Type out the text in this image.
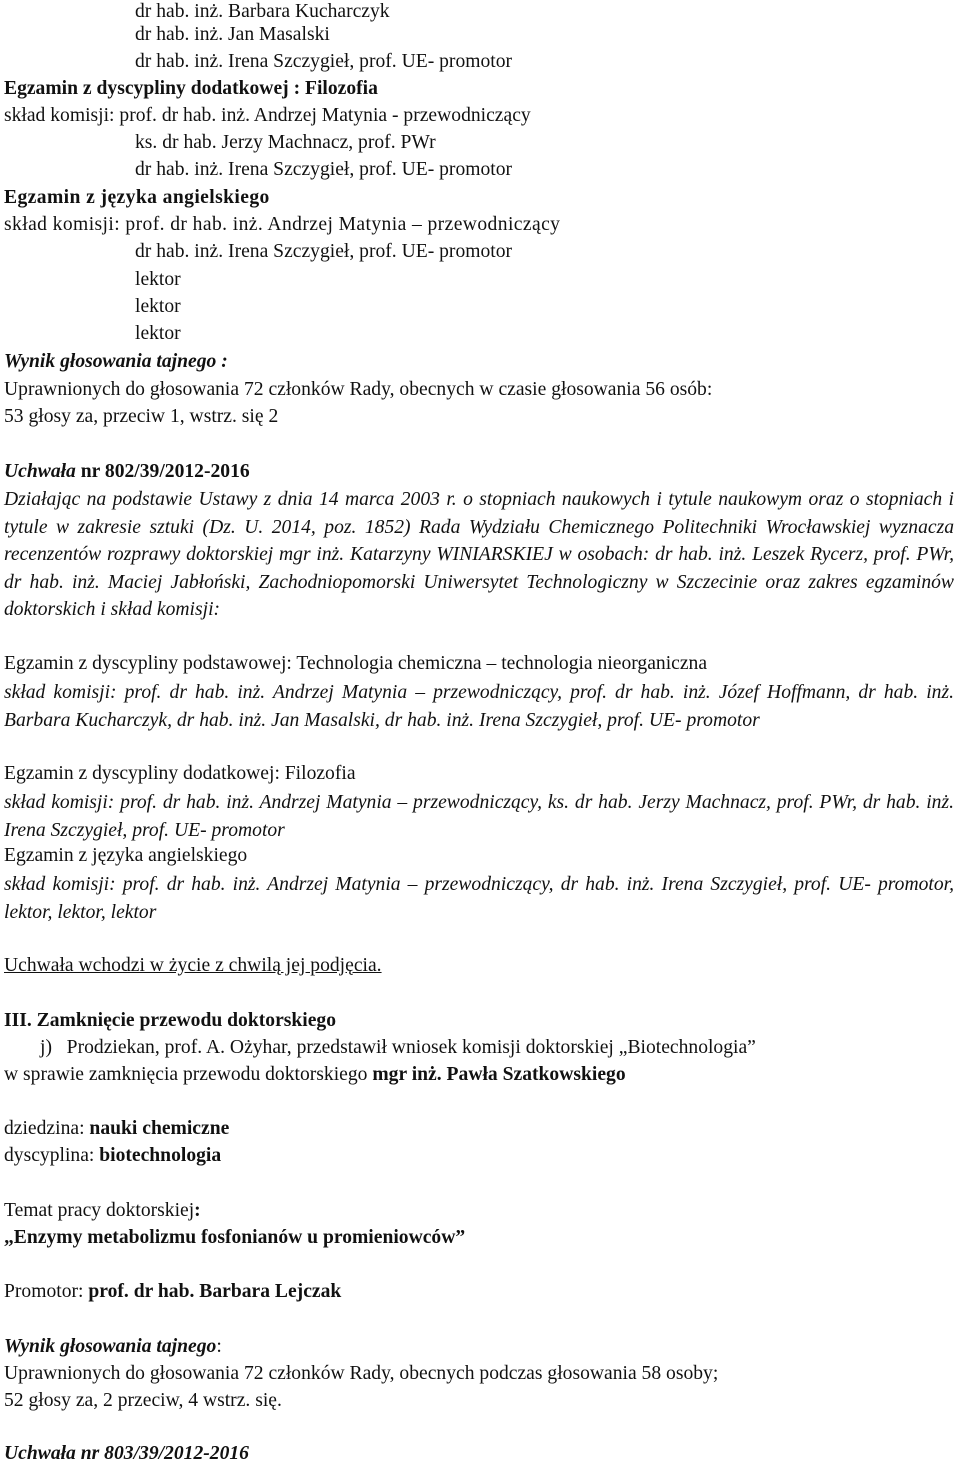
dr hab. inż. Barbara Kucharczyk
dr hab. inż. Jan Masalski
dr hab. inż. Irena Szczygieł, prof. UE- promotor
Egzamin z dyscypliny dodatkowej : Filozofia
skład komisji: prof. dr hab. inż. Andrzej Matynia - przewodniczący
ks. dr hab. Jerzy Machnacz, prof. PWr
dr hab. inż. Irena Szczygieł, prof. UE- promotor
Egzamin z języka angielskiego
skład komisji: prof. dr hab. inż. Andrzej Matynia – przewodniczący
dr hab. inż. Irena Szczygieł, prof. UE- promotor
lektor
lektor
lektor
Wynik głosowania tajnego :
Uprawnionych do głosowania 72 członków Rady, obecnych w czasie głosowania 56 osób:
53 głosy za, przeciw 1, wstrz. się 2
Uchwała nr 802/39/2012-2016
Działając na podstawie Ustawy z dnia 14 marca 2003 r. o stopniach naukowych i tytule naukowym oraz o stopniach i tytule w zakresie sztuki (Dz. U. 2014, poz. 1852) Rada Wydziału Chemicznego Politechniki Wrocławskiej wyznacza recenzentów rozprawy doktorskiej mgr inż. Katarzyny WINIARSKIEJ w osobach: dr hab. inż. Leszek Rycerz, prof. PWr, dr hab. inż. Maciej Jabłoński, Zachodniopomorski Uniwersytet Technologiczny w Szczecinie oraz zakres egzaminów doktorskich i skład komisji:
Egzamin z dyscypliny podstawowej: Technologia chemiczna – technologia nieorganiczna
skład komisji: prof. dr hab. inż. Andrzej Matynia – przewodniczący, prof. dr hab. inż. Józef Hoffmann, dr hab. inż. Barbara Kucharczyk, dr hab. inż. Jan Masalski, dr hab. inż. Irena Szczygieł, prof. UE- promotor
Egzamin z dyscypliny dodatkowej: Filozofia
skład komisji: prof. dr hab. inż. Andrzej Matynia – przewodniczący, ks. dr hab. Jerzy Machnacz, prof. PWr, dr hab. inż. Irena Szczygieł, prof. UE- promotor
Egzamin z języka angielskiego
skład komisji: prof. dr hab. inż. Andrzej Matynia – przewodniczący, dr hab. inż. Irena Szczygieł, prof. UE- promotor, lektor, lektor, lektor
Uchwała wchodzi w życie z chwilą jej podjęcia.
III. Zamknięcie przewodu doktorskiego
j) Prodziekan, prof. A. Ożyhar, przedstawił wniosek komisji doktorskiej „Biotechnologia”
w sprawie zamknięcia przewodu doktorskiego mgr inż. Pawła Szatkowskiego
dziedzina: nauki chemiczne
dyscyplina: biotechnologia
Temat pracy doktorskiej:
„Enzymy metabolizmu fosfonianów u promieniowców”
Promotor: prof. dr hab. Barbara Lejczak
Wynik głosowania tajnego:
Uprawnionych do głosowania 72 członków Rady, obecnych podczas głosowania 58 osoby;
52 głosy za, 2 przeciw, 4 wstrz. się.
Uchwała nr 803/39/2012-2016
